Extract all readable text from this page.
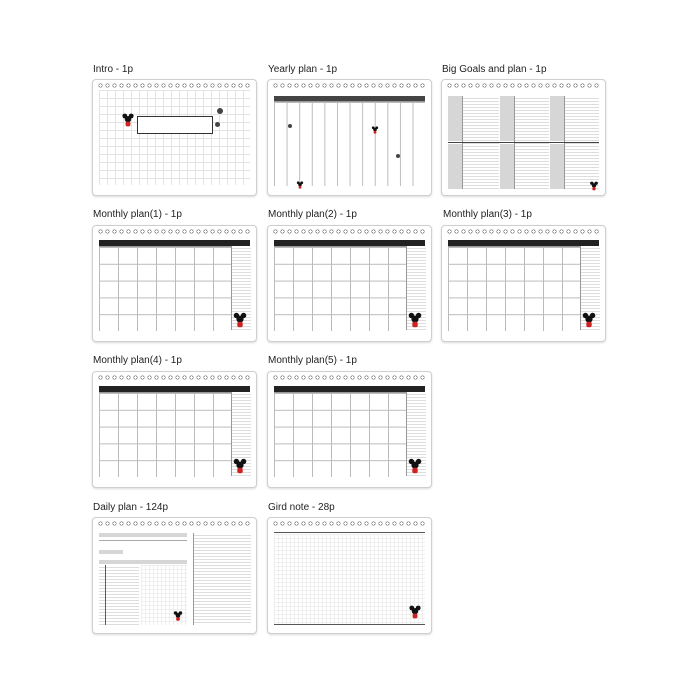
Intro - 1p	Yearly plan - 1p	Big Goals and plan - 1p
Monthly plan(1) - 1p	Monthly plan(2) - 1p	Monthly plan(3) - 1p
Monthly plan(4) - 1p	Monthly plan(5) - 1p
Daily plan - 124p	Gird note - 28p
